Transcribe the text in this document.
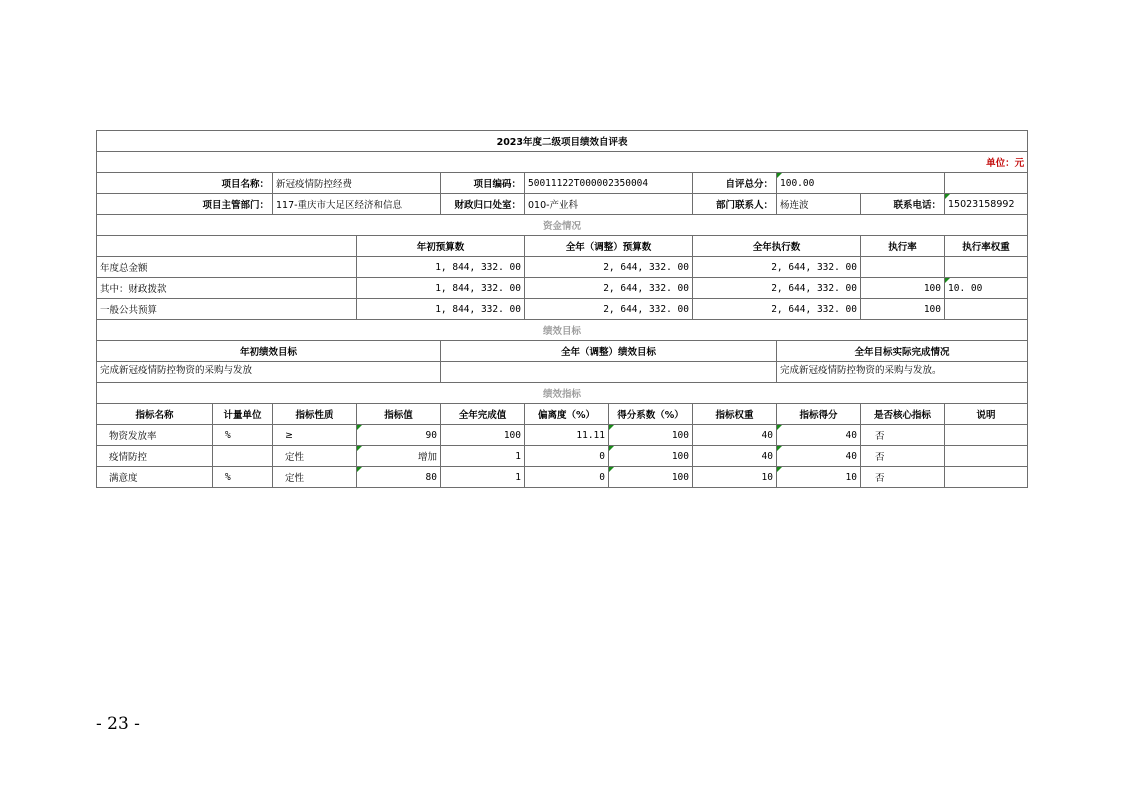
2023年度二级项目绩效自评表											
单位：元											
项目名称：		新冠疫情防控经费		项目编码：	50011122T000002350004		自评总分：	100.00			
项目主管部门：		117-重庆市大足区经济和信息		财政归口处室：	010-产业科		部门联系人：	杨连波	联系电话：	15023158992	
资金情况											
			年初预算数		全年（调整）预算数		全年执行数		执行率	执行率权重	
年度总金额			1, 844, 332. 00		2, 644, 332. 00		2, 644, 332. 00				
其中：财政拨款			1, 844, 332. 00		2, 644, 332. 00		2, 644, 332. 00		100	10. 00	
一般公共预算			1, 844, 332. 00		2, 644, 332. 00		2, 644, 332. 00		100		
绩效目标											
年初绩效目标				全年（调整）绩效目标				全年目标实际完成情况			
完成新冠疫情防控物资的采购与发放								完成新冠疫情防控物资的采购与发放。			
绩效指标											
指标名称	计量单位	指标性质	指标值	全年完成值	偏离度（%）	得分系数（%）	指标权重	指标得分	是否核心指标	说明	
物资发放率	%	≥	90	100	11.11	100	40	40	否		
疫情防控		定性	增加	1	0	100	40	40	否		
满意度	%	定性	80	1	0	100	10	10	否		
- 23 -
